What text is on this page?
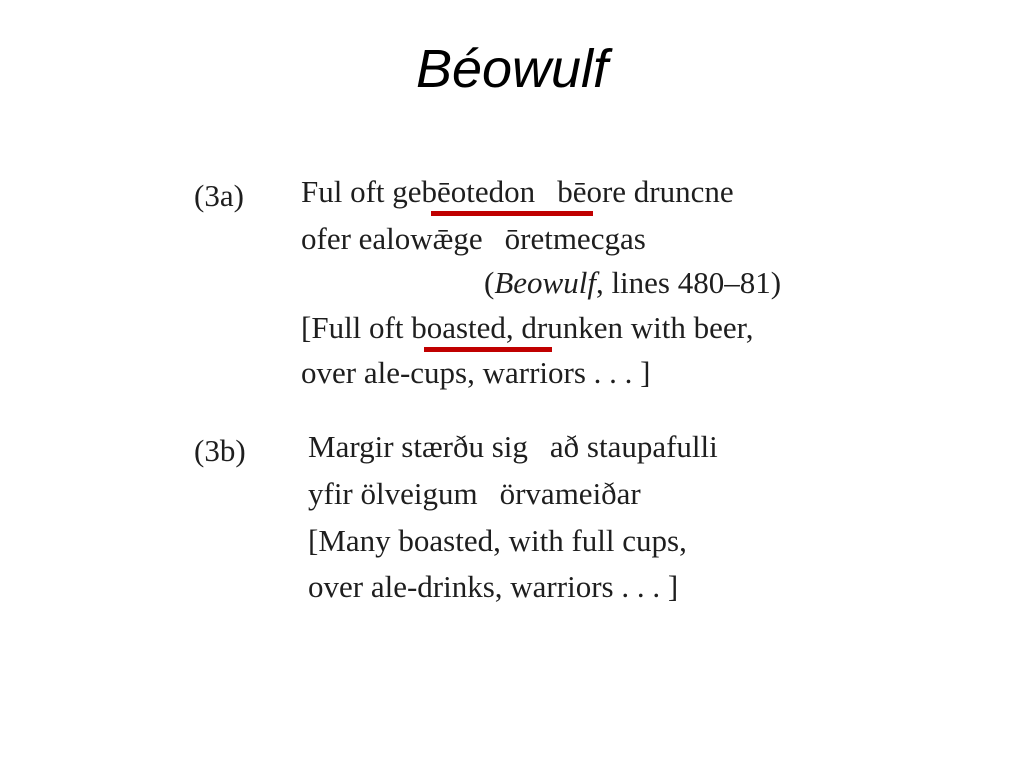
Béowulf
(3a) Ful oft gebēotedon bēore druncne
ofer ealowǣge ōretmecgas
(Beowulf, lines 480–81)
[Full oft boasted, drunken with beer,
over ale-cups, warriors . . . ]
(3b) Margir stærðu sig að staupafulli
yfir ölveigum örvameiðar
[Many boasted, with full cups,
over ale-drinks, warriors . . . ]
